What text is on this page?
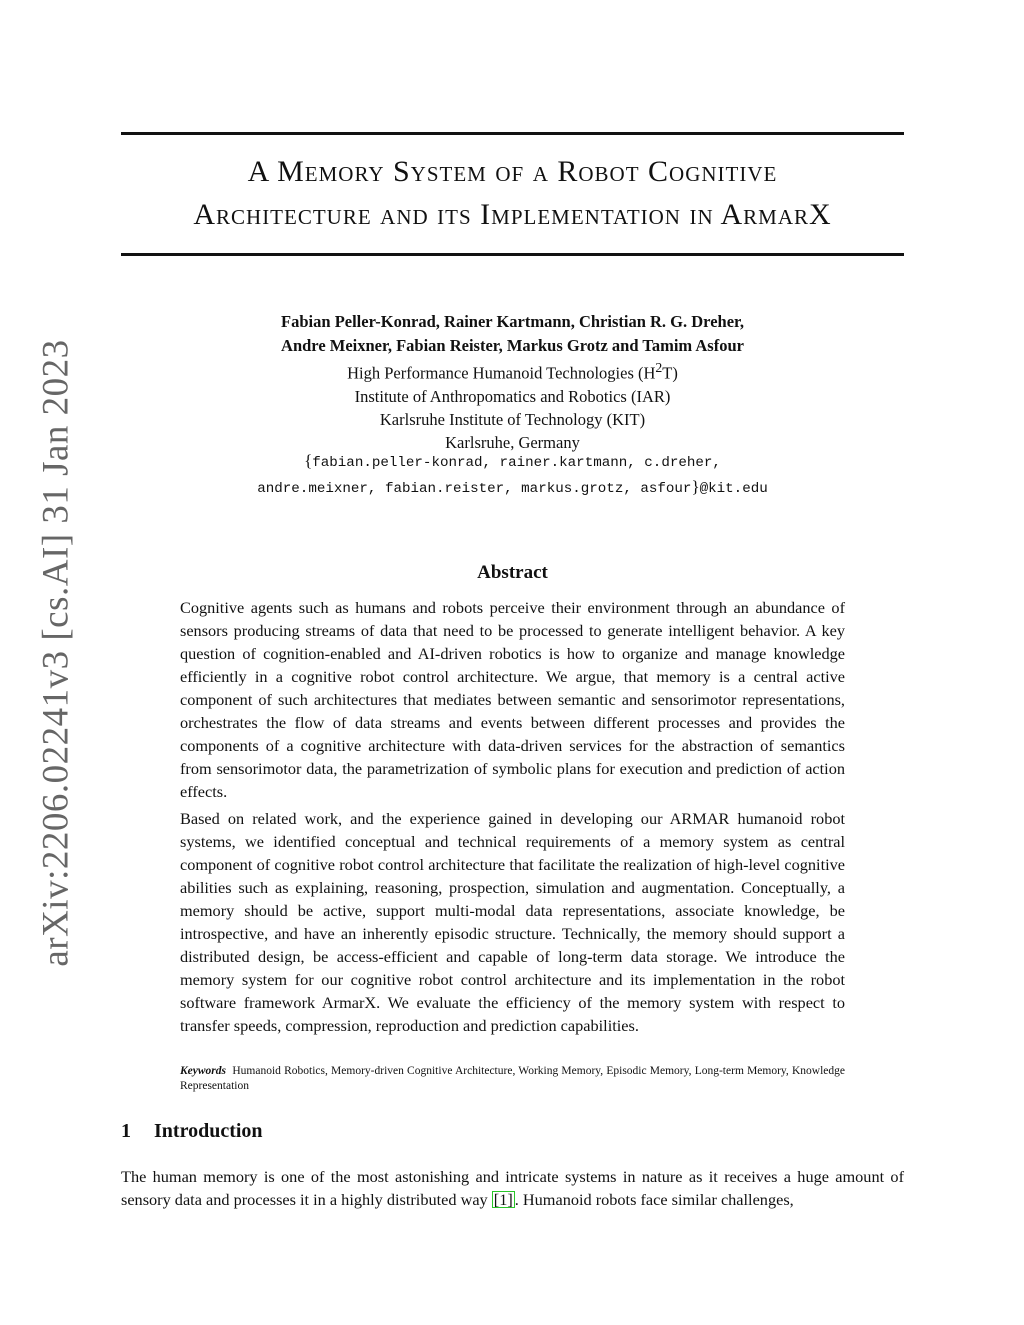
arXiv:2206.02241v3 [cs.AI] 31 Jan 2023
A Memory System of a Robot Cognitive
Architecture and its Implementation in ArmarX
Fabian Peller-Konrad, Rainer Kartmann, Christian R. G. Dreher,
Andre Meixner, Fabian Reister, Markus Grotz and Tamim Asfour
High Performance Humanoid Technologies $(H^2T)$
Institute of Anthropomatics and Robotics (IAR)
Karlsruhe Institute of Technology (KIT)
Karlsruhe, Germany
{fabian.peller-konrad, rainer.kartmann, c.dreher,
andre.meixner, fabian.reister, markus.grotz, asfour}@kit.edu
Abstract

Cognitive agents such as humans and robots perceive their environment through an abundance of sensors producing streams of data that need to be processed to generate intelligent behavior. A key question of cognition-enabled and AI-driven robotics is how to organize and manage knowledge efficiently in a cognitive robot control architecture. We argue, that memory is a central active component of such architectures that mediates between semantic and sensorimotor representations, orchestrates the flow of data streams and events between different processes and provides the components of a cognitive architecture with data-driven services for the abstraction of semantics from sensorimotor data, the parametrization of symbolic plans for execution and prediction of action effects.

Based on related work, and the experience gained in developing our ARMAR humanoid robot systems, we identified conceptual and technical requirements of a memory system as central component of cognitive robot control architecture that facilitate the realization of high-level cognitive abilities such as explaining, reasoning, prospection, simulation and augmentation. Conceptually, a memory should be active, support multi-modal data representations, associate knowledge, be introspective, and have an inherently episodic structure. Technically, the memory should support a distributed design, be access-efficient and capable of long-term data storage. We introduce the memory system for our cognitive robot control architecture and its implementation in the robot software framework ArmarX. We evaluate the efficiency of the memory system with respect to transfer speeds, compression, reproduction and prediction capabilities.

Keywords Humanoid Robotics, Memory-driven Cognitive Architecture, Working Memory, Episodic Memory, Long-term Memory, Knowledge Representation
1 Introduction

The human memory is one of the most astonishing and intricate systems in nature as it receives a huge amount of sensory data and processes it in a highly distributed way [1] . Humanoid robots face similar challenges,
